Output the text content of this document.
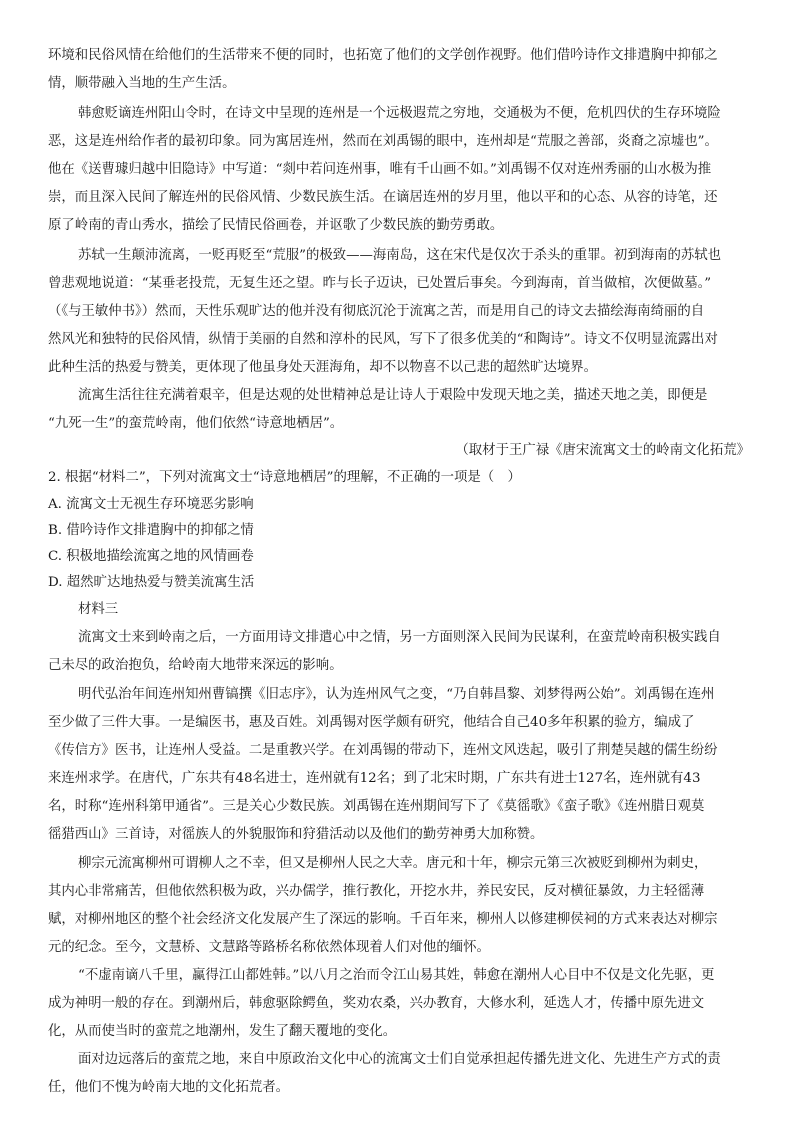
环境和民俗风情在给他们的生活带来不便的同时，也拓宽了他们的文学创作视野。他们借吟诗作文排遣胸中抑郁之
情，顺带融入当地的生产生活。
韩愈贬谪连州阳山令时，在诗文中呈现的连州是一个远极遐荒之穷地，交通极为不便，危机四伏的生存环境险
恶，这是连州给作者的最初印象。同为寓居连州，然而在刘禹锡的眼中，连州却是“荒服之善部，炎裔之凉墟也”。
他在《送曹璩归越中旧隐诗》中写道：“剡中若问连州事，唯有千山画不如。”刘禹锡不仅对连州秀丽的山水极为推
崇，而且深入民间了解连州的民俗风情、少数民族生活。在谪居连州的岁月里，他以平和的心态、从容的诗笔，还
原了岭南的青山秀水，描绘了民情民俗画卷，并讴歌了少数民族的勤劳勇敢。
苏轼一生颠沛流离，一贬再贬至“荒服”的极致——海南岛，这在宋代是仅次于杀头的重罪。初到海南的苏轼也
曾悲观地说道：“某垂老投荒，无复生还之望。昨与长子迈诀，已处置后事矣。今到海南，首当做棺，次便做墓。”
（《与王敏仲书》）然而，天性乐观旷达的他并没有彻底沉沦于流寓之苦，而是用自己的诗文去描绘海南绮丽的自
然风光和独特的民俗风情，纵情于美丽的自然和淳朴的民风，写下了很多优美的“和陶诗”。诗文不仅明显流露出对
此种生活的热爱与赞美，更体现了他虽身处天涯海角，却不以物喜不以己悲的超然旷达境界。
流寓生活往往充满着艰辛，但是达观的处世精神总是让诗人于艰险中发现天地之美，描述天地之美，即便是
“九死一生”的蛮荒岭南，他们依然“诗意地栖居”。
（取材于王广禄《唐宋流寓文士的岭南文化拓荒》
2. 根据“材料二”，下列对流寓文士“诗意地栖居”的理解，不正确的一项是（　）
A. 流寓文士无视生存环境恶劣影响
B. 借吟诗作文排遣胸中的抑郁之情
C. 积极地描绘流寓之地的风情画卷
D. 超然旷达地热爱与赞美流寓生活
材料三
流寓文士来到岭南之后，一方面用诗文排遣心中之情，另一方面则深入民间为民谋利，在蛮荒岭南积极实践自
己未尽的政治抱负，给岭南大地带来深远的影响。
明代弘治年间连州知州曹镐撰《旧志序》，认为连州风气之变，“乃自韩昌黎、刘梦得两公始”。刘禹锡在连州
至少做了三件大事。一是编医书，惠及百姓。刘禹锡对医学颇有研究，他结合自己40多年积累的验方，编成了
《传信方》医书，让连州人受益。二是重教兴学。在刘禹锡的带动下，连州文风迭起，吸引了荆楚吴越的儒生纷纷
来连州求学。在唐代，广东共有48名进士，连州就有12名；到了北宋时期，广东共有进士127名，连州就有43
名，时称“连州科第甲通省”。三是关心少数民族。刘禹锡在连州期间写下了《莫徭歌》《蛮子歌》《连州腊日观莫
徭猎西山》三首诗，对徭族人的外貌服饰和狩猎活动以及他们的勤劳神勇大加称赞。
柳宗元流寓柳州可谓柳人之不幸，但又是柳州人民之大幸。唐元和十年，柳宗元第三次被贬到柳州为刺史，
其内心非常痛苦，但他依然积极为政，兴办儒学，推行教化，开挖水井，养民安民，反对横征暴敛，力主轻徭薄
赋，对柳州地区的整个社会经济文化发展产生了深远的影响。千百年来，柳州人以修建柳侯祠的方式来表达对柳宗
元的纪念。至今，文慧桥、文慧路等路桥名称依然体现着人们对他的缅怀。
“不虚南谪八千里，赢得江山都姓韩。”以八月之治而令江山易其姓，韩愈在潮州人心目中不仅是文化先驱，更
成为神明一般的存在。到潮州后，韩愈驱除鳄鱼，奖劝农桑，兴办教育，大修水利，延选人才，传播中原先进文
化，从而使当时的蛮荒之地潮州，发生了翻天覆地的变化。
面对边远落后的蛮荒之地，来自中原政治文化中心的流寓文士们自觉承担起传播先进文化、先进生产方式的责
任，他们不愧为岭南大地的文化拓荒者。
